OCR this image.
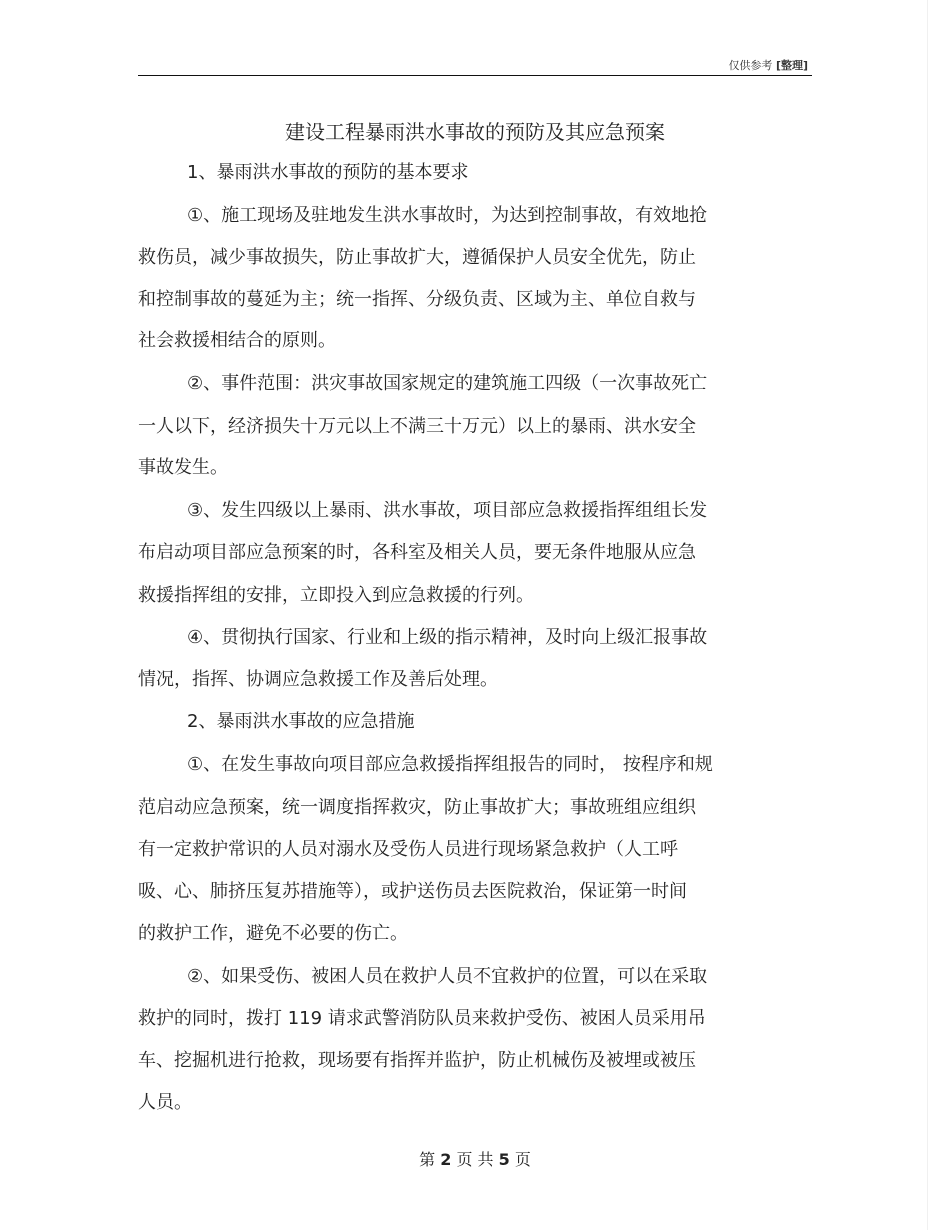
仅供参考 [整理]
建设工程暴雨洪水事故的预防及其应急预案
1、暴雨洪水事故的预防的基本要求
①、施工现场及驻地发生洪水事故时，为达到控制事故，有效地抢
救伤员，减少事故损失，防止事故扩大，遵循保护人员安全优先，防止
和控制事故的蔓延为主；统一指挥、分级负责、区域为主、单位自救与
社会救援相结合的原则。
②、事件范围：洪灾事故国家规定的建筑施工四级（一次事故死亡
一人以下，经济损失十万元以上不满三十万元）以上的暴雨、洪水安全
事故发生。
③、发生四级以上暴雨、洪水事故，项目部应急救援指挥组组长发
布启动项目部应急预案的时，各科室及相关人员，要无条件地服从应急
救援指挥组的安排，立即投入到应急救援的行列。
④、贯彻执行国家、行业和上级的指示精神，及时向上级汇报事故
情况，指挥、协调应急救援工作及善后处理。
2、暴雨洪水事故的应急措施
①、在发生事故向项目部应急救援指挥组报告的同时， 按程序和规
范启动应急预案，统一调度指挥救灾，防止事故扩大；事故班组应组织
有一定救护常识的人员对溺水及受伤人员进行现场紧急救护（人工呼
吸、心、肺挤压复苏措施等），或护送伤员去医院救治，保证第一时间
的救护工作，避免不必要的伤亡。
②、如果受伤、被困人员在救护人员不宜救护的位置，可以在采取
救护的同时，拨打 119 请求武警消防队员来救护受伤、被困人员采用吊
车、挖掘机进行抢救，现场要有指挥并监护，防止机械伤及被埋或被压
人员。
第 2 页 共 5 页
